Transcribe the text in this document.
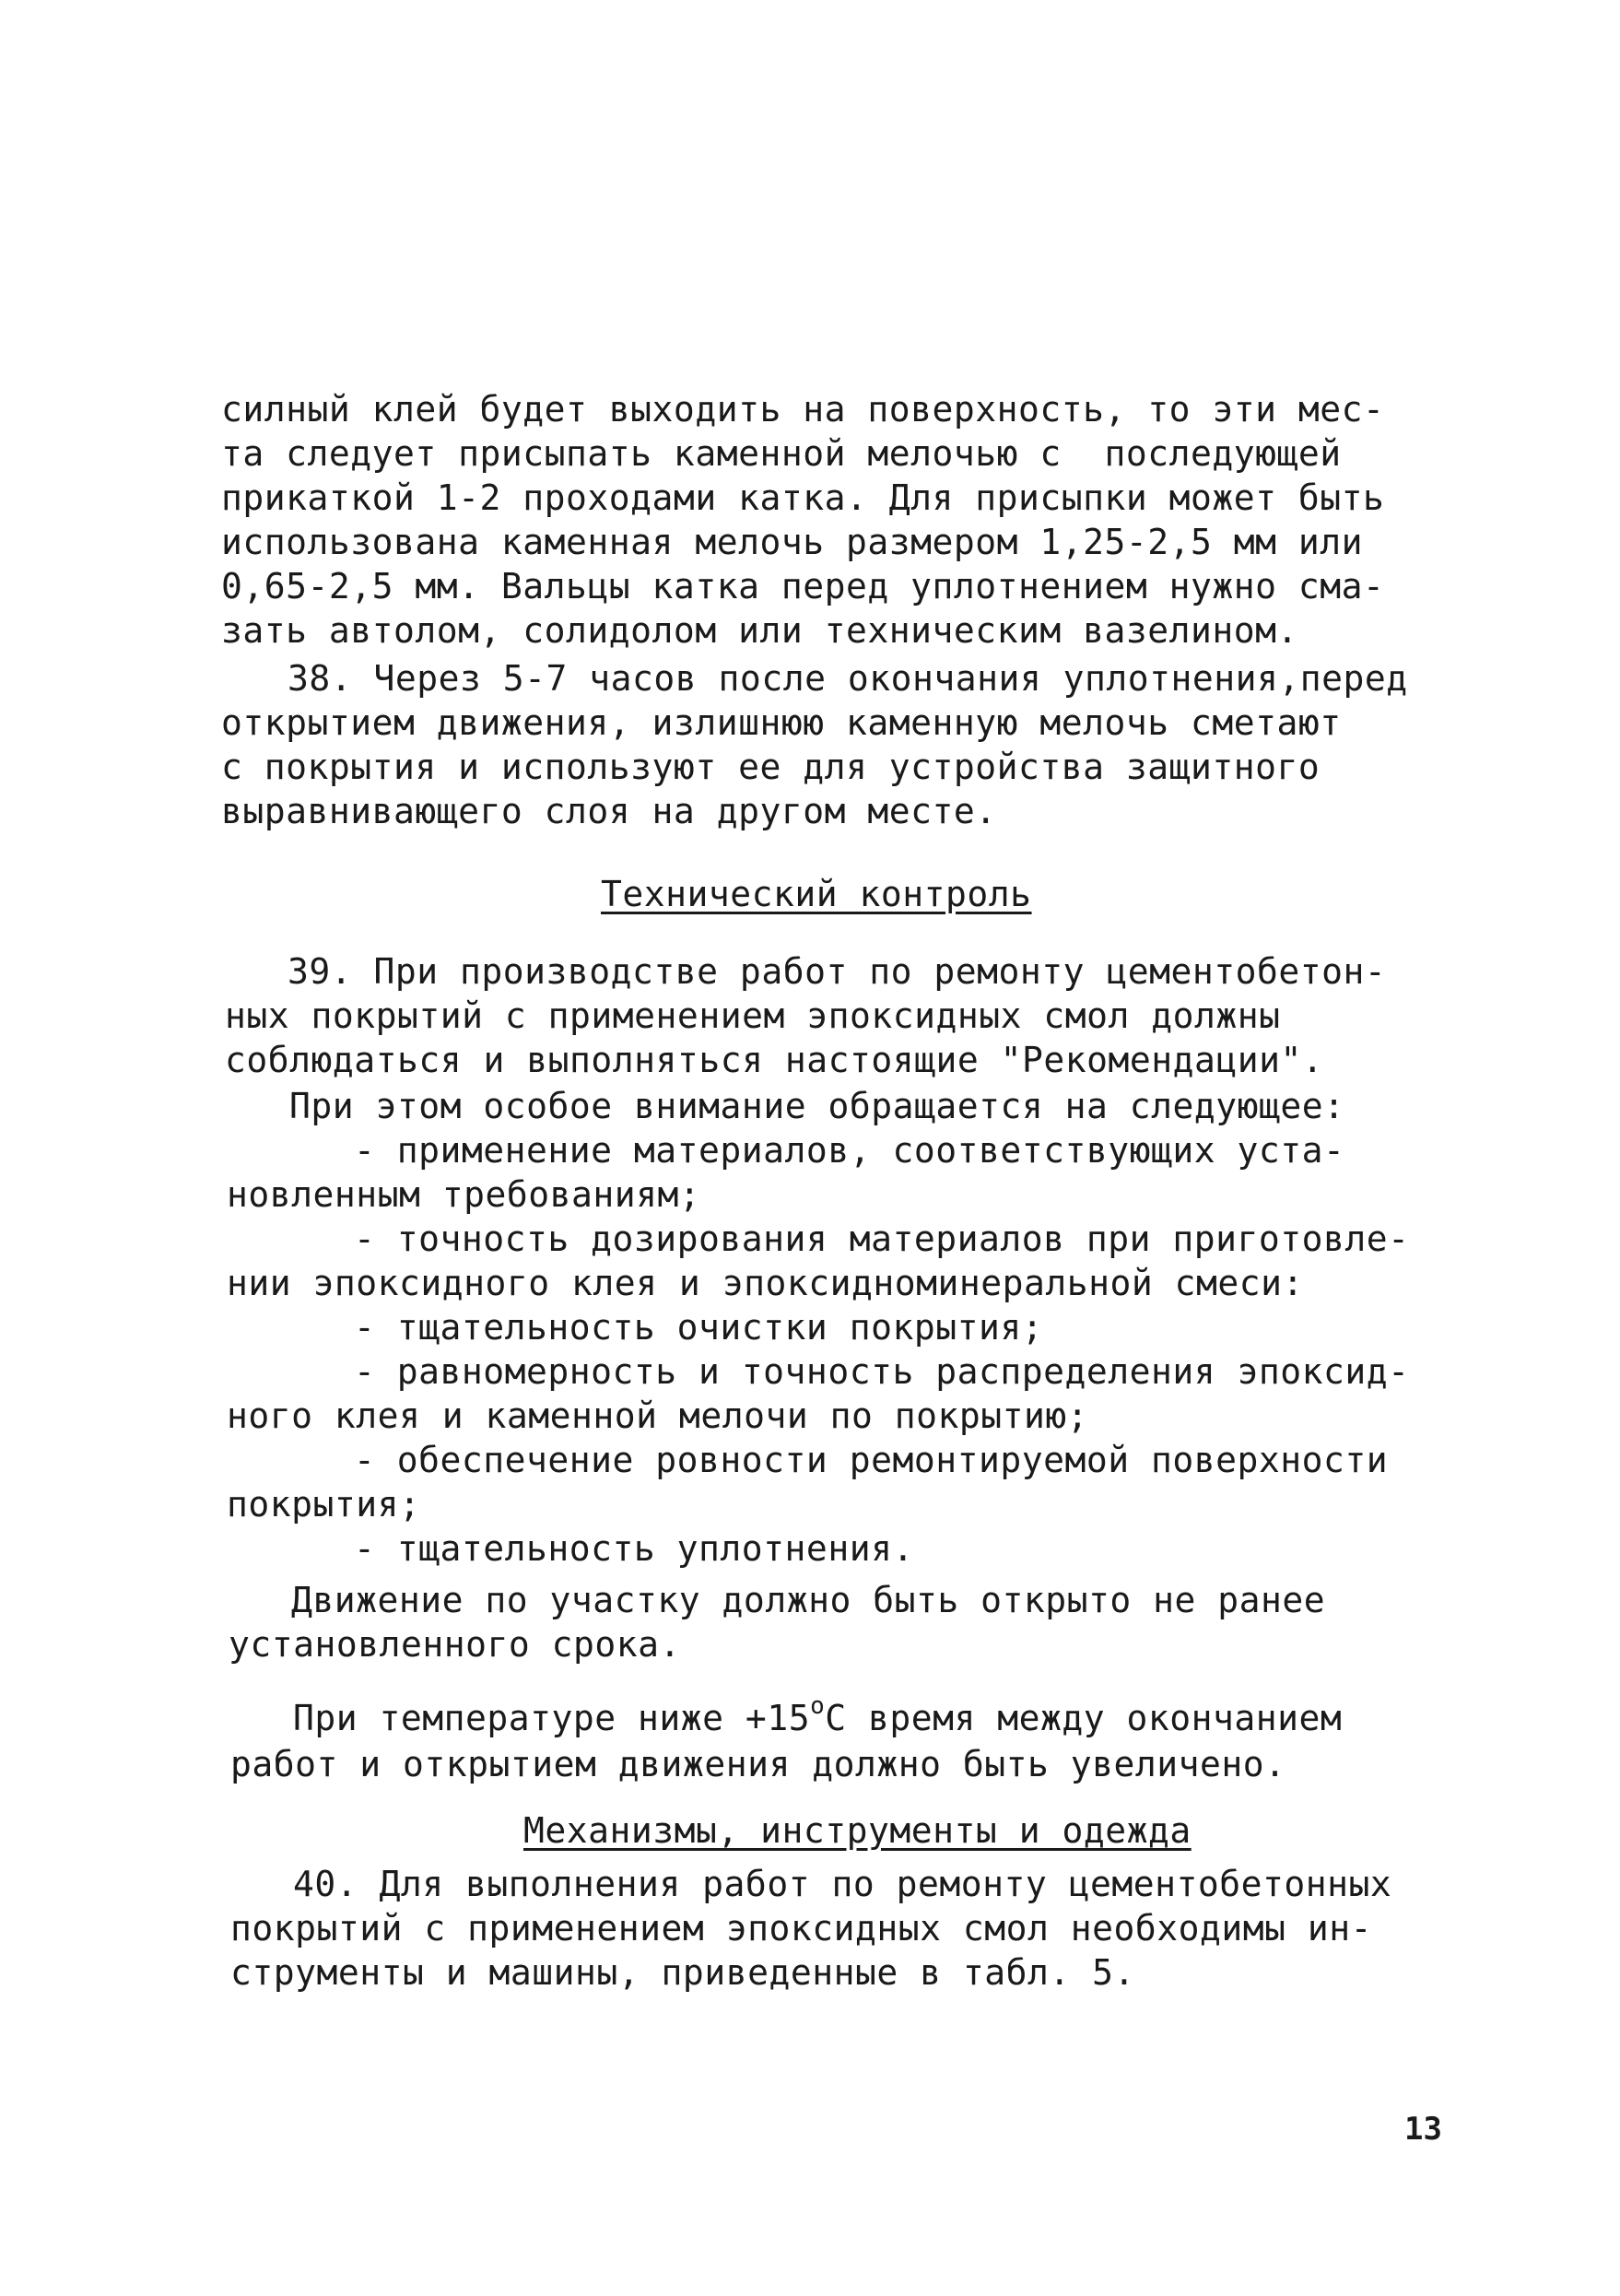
силный клей будет выходить на поверхность, то эти мес-
та следует присыпать каменной мелочью с  последующей
прикаткой 1-2 проходами катка. Для присыпки может быть
использована каменная мелочь размером 1,25-2,5 мм или
0,65-2,5 мм. Вальцы катка перед уплотнением нужно сма-
зать автолом, солидолом или техническим вазелином.
38. Через 5-7 часов после окончания уплотнения,перед
открытием движения, излишнюю каменную мелочь сметают
с покрытия и используют ее для устройства защитного
выравнивающего слоя на другом месте.
Технический контроль
39. При производстве работ по ремонту цементобетон-
ных покрытий с применением эпоксидных смол должны
соблюдаться и выполняться настоящие "Рекомендации".
При этом особое внимание обращается на следующее:
- применение материалов, соответствующих уста-
новленным требованиям;
- точность дозирования материалов при приготовле-
нии эпоксидного клея и эпоксидноминеральной смеси:
- тщательность очистки покрытия;
- равномерность и точность распределения эпоксид-
ного клея и каменной мелочи по покрытию;
- обеспечение ровности ремонтируемой поверхности
покрытия;
- тщательность уплотнения.
Движение по участку должно быть открыто не ранее
установленного срока.
При температуре ниже $+15^оС$ время между окончанием
работ и открытием движения должно быть увеличено.
Механизмы, инструменты и одежда
40. Для выполнения работ по ремонту цементобетонных
покрытий с применением эпоксидных смол необходимы ин-
струменты и машины, приведенные в табл. 5.
13
